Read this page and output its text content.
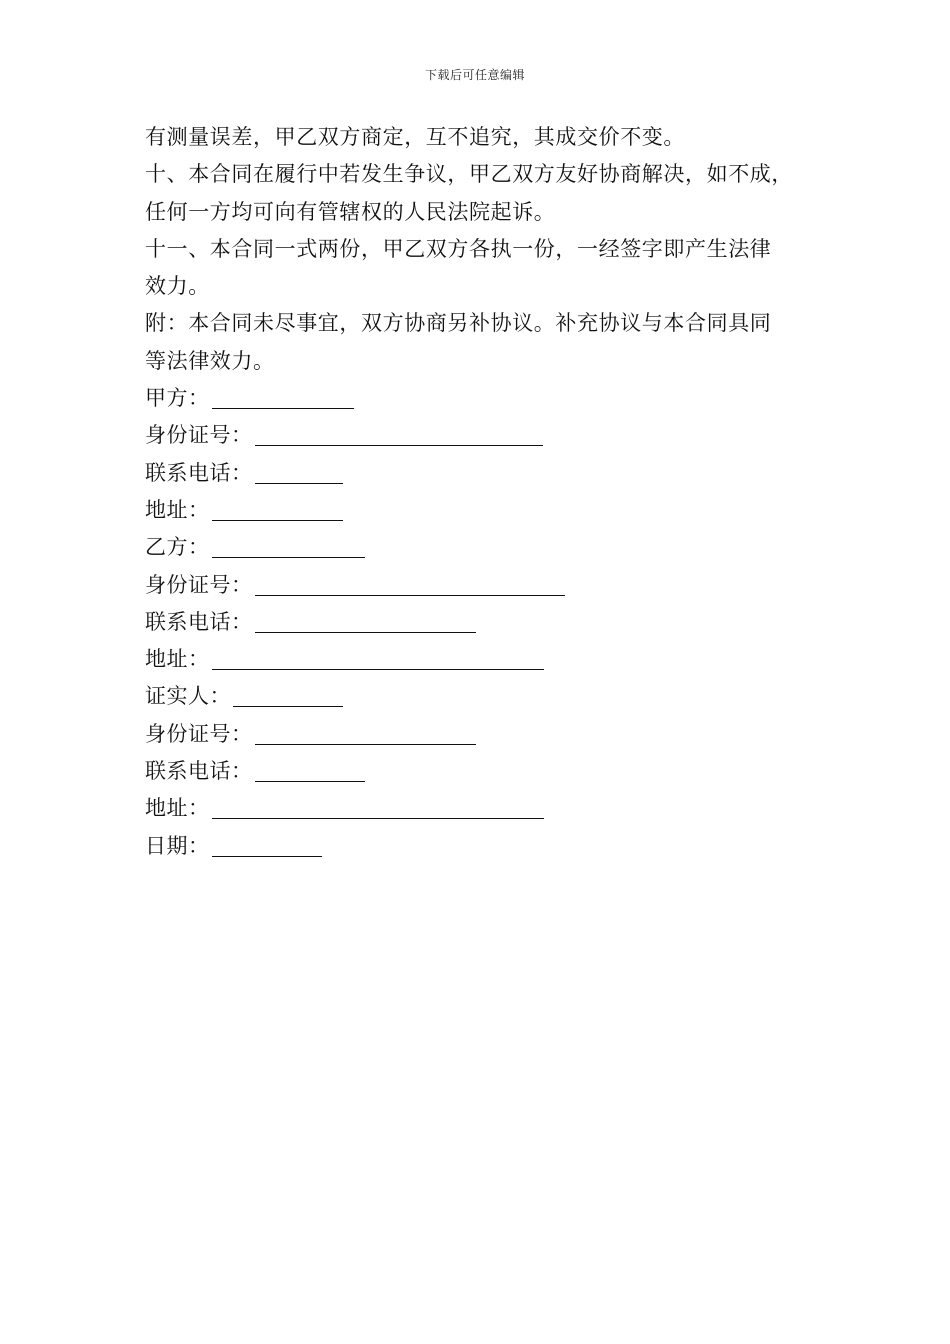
下载后可任意编辑

有测量误差，甲乙双方商定，互不追究，其成交价不变。

十、本合同在履行中若发生争议，甲乙双方友好协商解决，如不成，

任何一方均可向有管辖权的人民法院起诉。

十一、本合同一式两份，甲乙双方各执一份，一经签字即产生法律

效力。

附：本合同未尽事宜，双方协商另补协议。补充协议与本合同具同

等法律效力。

甲方：
身份证号：
联系电话：
地址：
乙方：
身份证号：
联系电话：
地址：
证实人：
身份证号：
联系电话：
地址：
日期：
